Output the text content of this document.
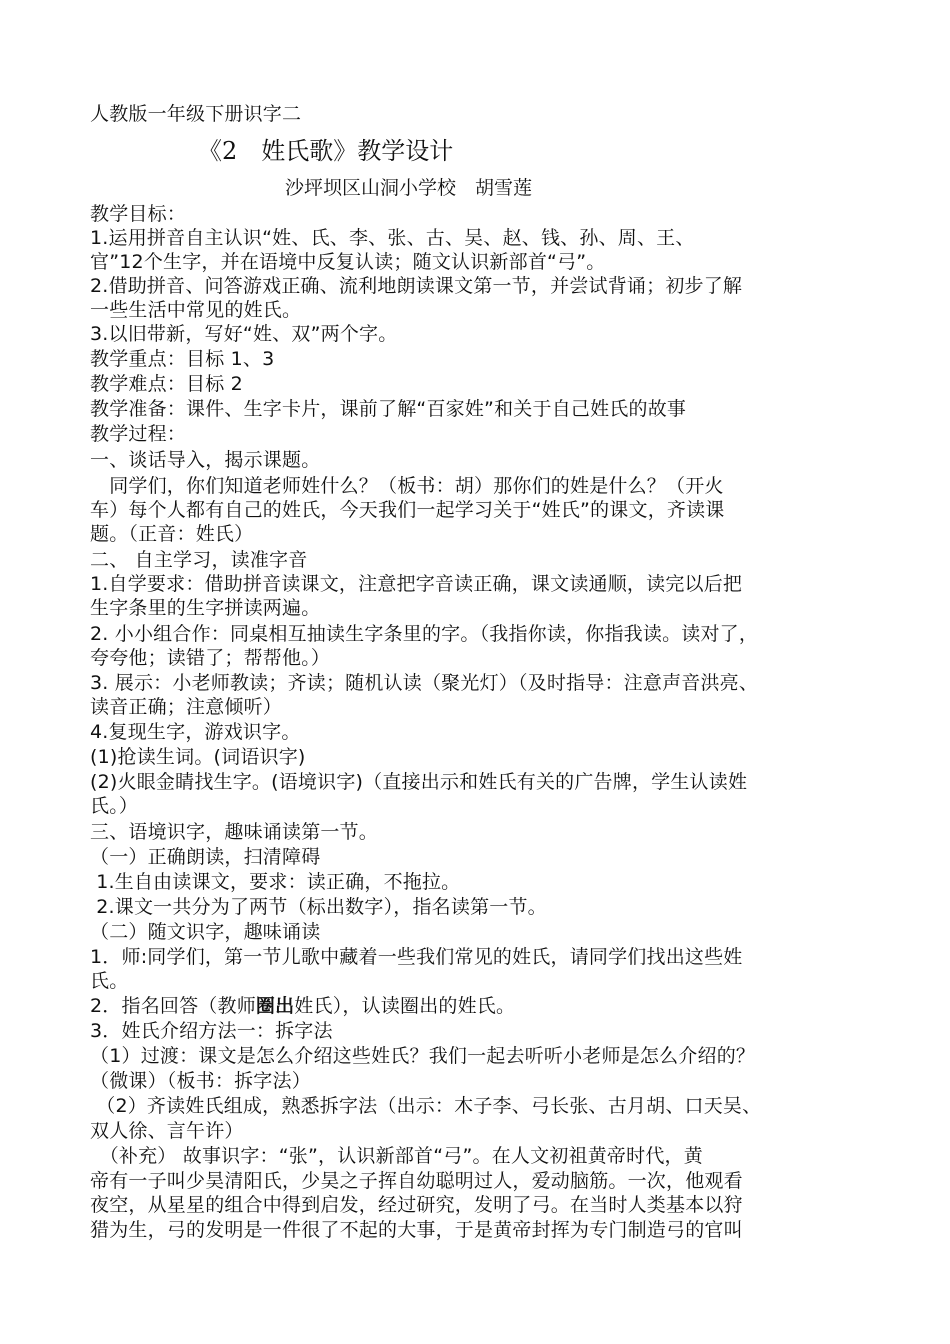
人教版一年级下册识字二
《2　姓氏歌》教学设计
沙坪坝区山洞小学校　胡雪莲
教学目标：
1.运用拼音自主认识“姓、氏、李、张、古、吴、赵、钱、孙、周、王、
官”12个生字，并在语境中反复认读；随文认识新部首“弓”。
2.借助拼音、问答游戏正确、流利地朗读课文第一节，并尝试背诵；初步了解
一些生活中常见的姓氏。
3.以旧带新，写好“姓、双”两个字。
教学重点：目标 1、3
教学难点：目标 2
教学准备：课件、生字卡片，课前了解“百家姓”和关于自己姓氏的故事
教学过程：
一、谈话导入，揭示课题。
　同学们，你们知道老师姓什么？（板书：胡）那你们的姓是什么？（开火
车）每个人都有自己的姓氏，今天我们一起学习关于“姓氏”的课文，齐读课
题。（正音：姓氏）
二、 自主学习，读准字音
1.自学要求：借助拼音读课文，注意把字音读正确，课文读通顺，读完以后把
生字条里的生字拼读两遍。
2. 小小组合作：同桌相互抽读生字条里的字。（我指你读，你指我读。读对了，
夸夸他；读错了；帮帮他。）
3. 展示：小老师教读；齐读；随机认读（聚光灯）（及时指导：注意声音洪亮、
读音正确；注意倾听）
4.复现生字，游戏识字。
(1)抢读生词。(词语识字)
(2)火眼金睛找生字。(语境识字)（直接出示和姓氏有关的广告牌，学生认读姓
氏。）
三、语境识字，趣味诵读第一节。
（一）正确朗读，扫清障碍
1.生自由读课文，要求：读正确，不拖拉。
2.课文一共分为了两节（标出数字），指名读第一节。
（二）随文识字，趣味诵读
1．师:同学们，第一节儿歌中藏着一些我们常见的姓氏，请同学们找出这些姓
氏。
2．指名回答（教师圈出姓氏），认读圈出的姓氏。
3．姓氏介绍方法一：拆字法
（1）过渡：课文是怎么介绍这些姓氏？我们一起去听听小老师是怎么介绍的？
（微课）（板书：拆字法）
（2）齐读姓氏组成，熟悉拆字法（出示：木子李、弓长张、古月胡、口天吴、
双人徐、言午许）
　（补充） 故事识字：“张”，认识新部首“弓”。在人文初祖黄帝时代，黄
帝有一子叫少昊清阳氏，少昊之子挥自幼聪明过人，爱动脑筋。一次，他观看
夜空，从星星的组合中得到启发，经过研究，发明了弓。在当时人类基本以狩
猎为生，弓的发明是一件很了不起的大事，于是黄帝封挥为专门制造弓的官叫
